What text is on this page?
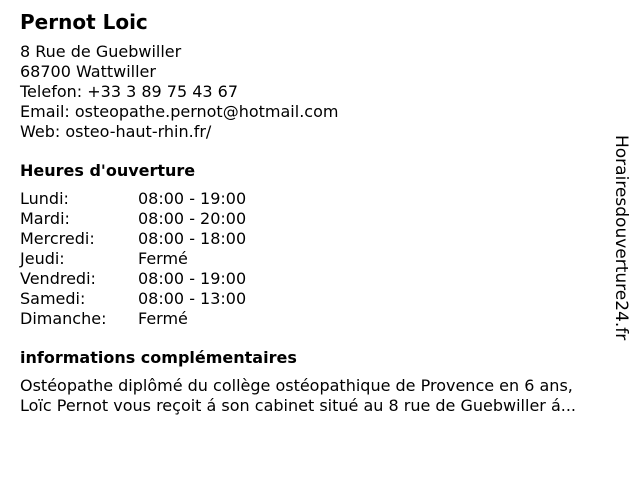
Pernot Loic
8 Rue de Guebwiller
68700 Wattwiller
Telefon: +33 3 89 75 43 67
Email: osteopathe.pernot@hotmail.com
Web: osteo-haut-rhin.fr/
Heures d'ouverture
Lundi:	08:00 - 19:00
Mardi:	08:00 - 20:00
Mercredi:	08:00 - 18:00
Jeudi:	Fermé
Vendredi:	08:00 - 19:00
Samedi:	08:00 - 13:00
Dimanche:	Fermé
informations complémentaires
Ostéopathe diplômé du collège ostéopathique de Provence en 6 ans,
Loïc Pernot vous reçoit á son cabinet situé au 8 rue de Guebwiller á...
Horairesdouverture24.fr
